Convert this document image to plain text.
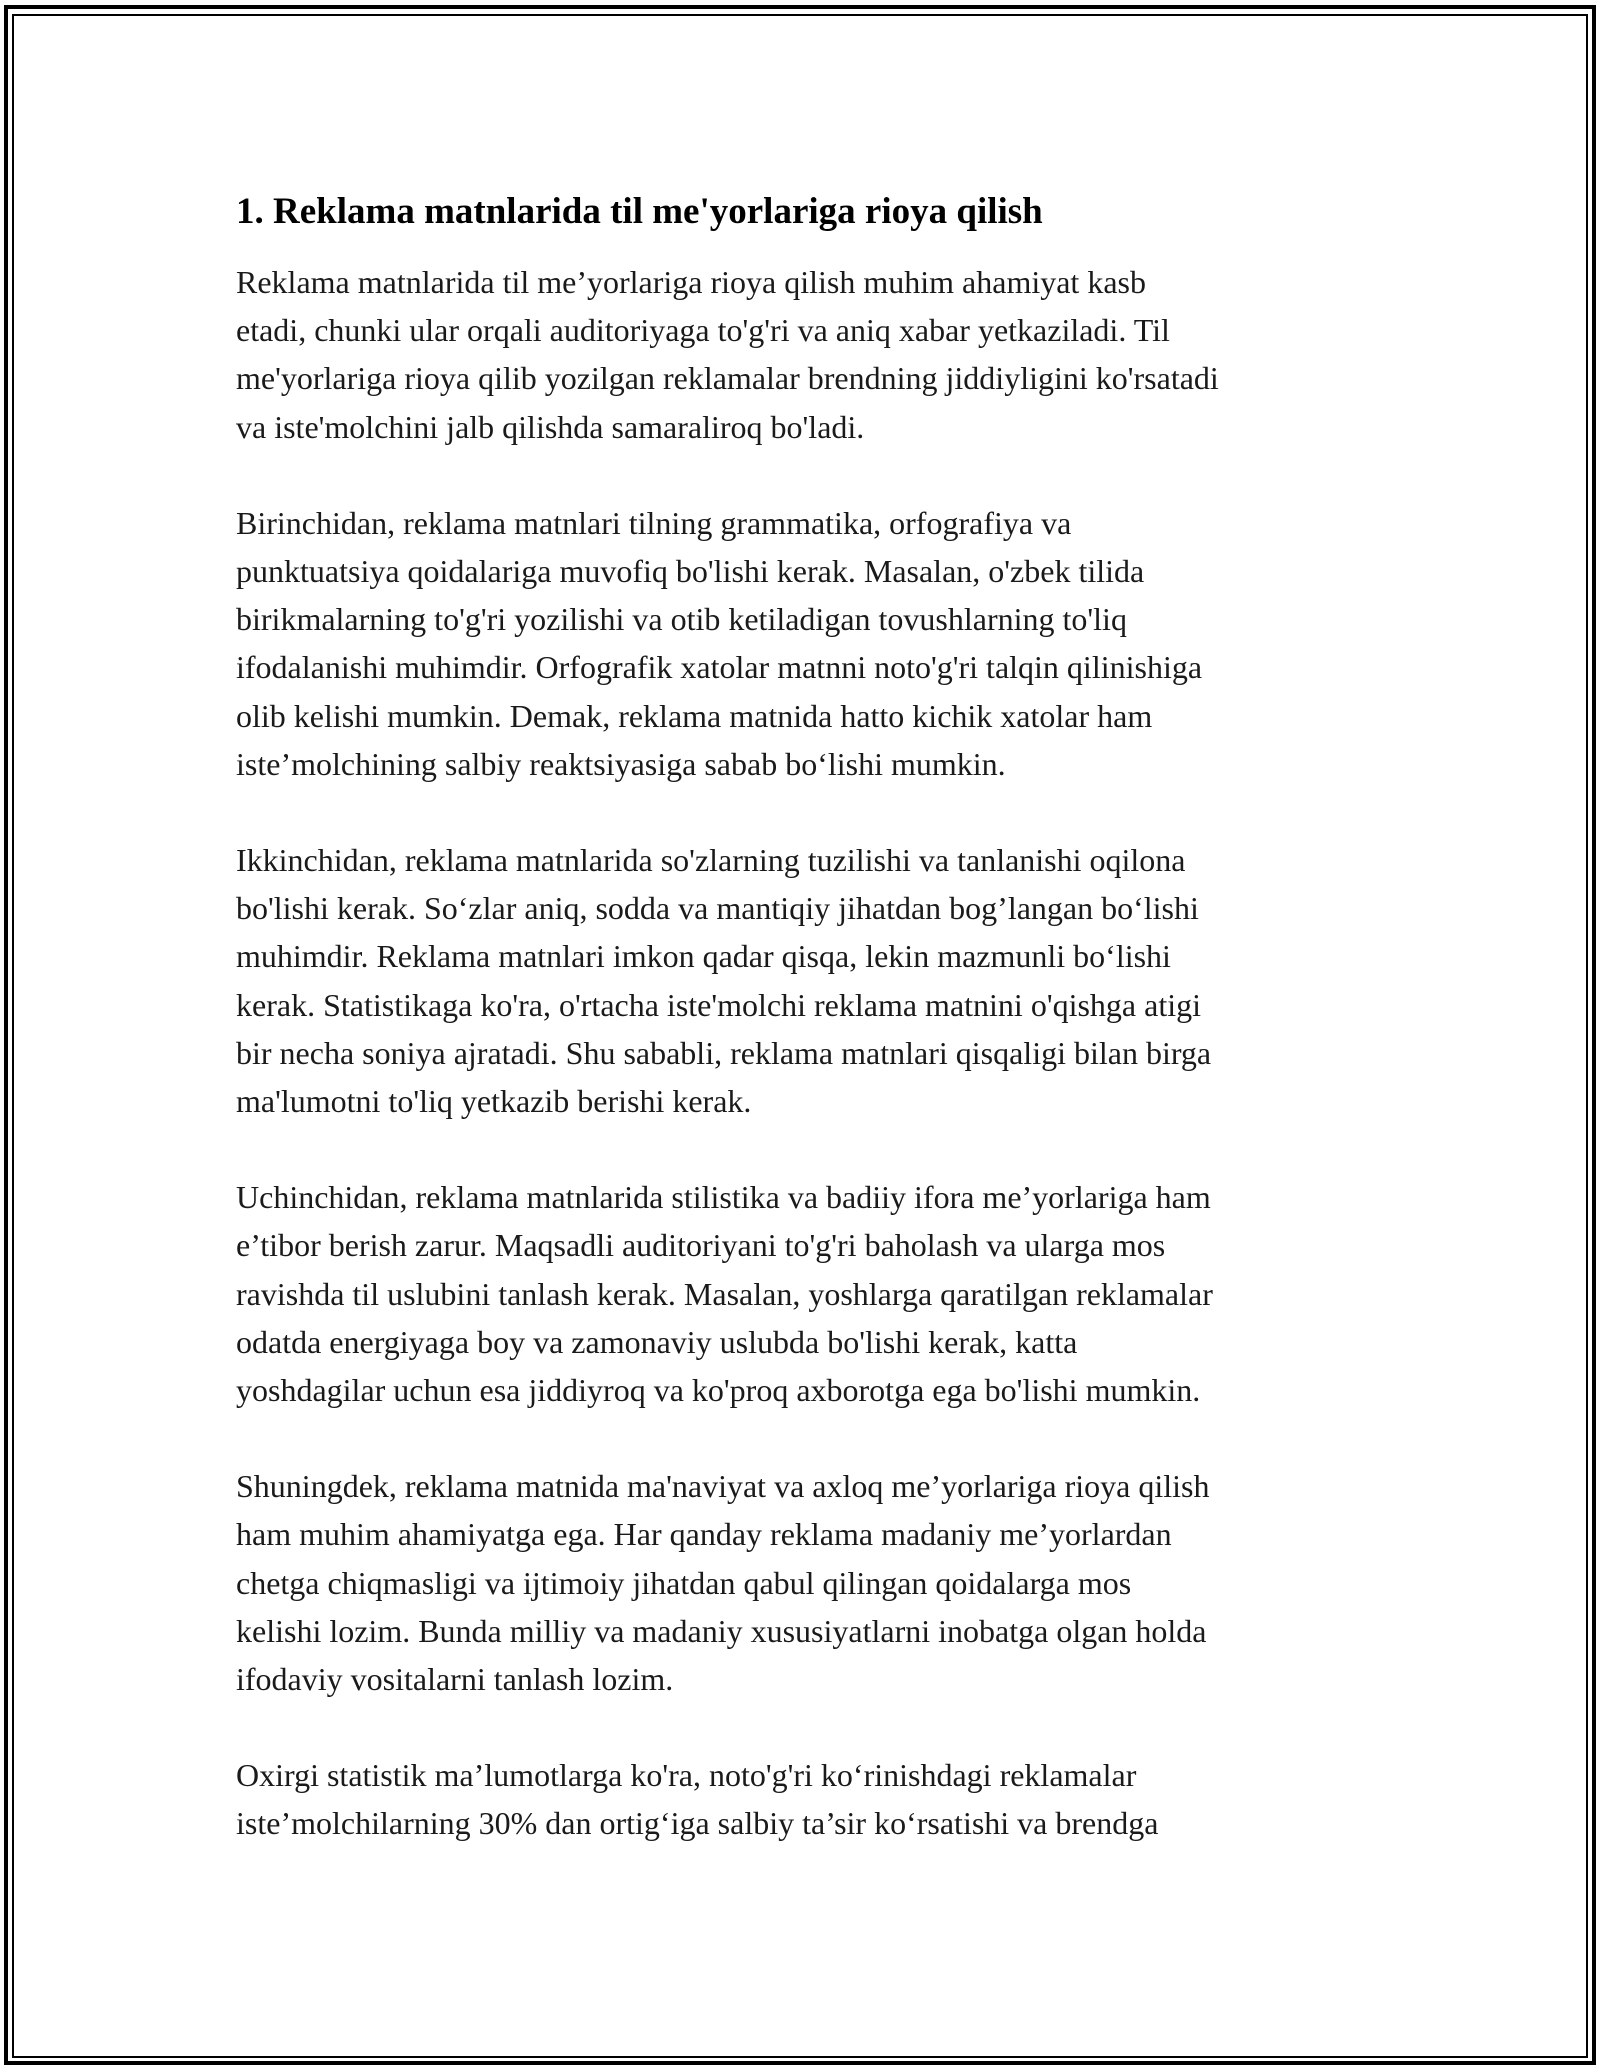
1. Reklama matnlarida til me'yorlariga rioya qilish

Reklama matnlarida til me’yorlariga rioya qilish muhim ahamiyat kasb
etadi, chunki ular orqali auditoriyaga to'g'ri va aniq xabar yetkaziladi. Til
me'yorlariga rioya qilib yozilgan reklamalar brendning jiddiyligini ko'rsatadi
va iste'molchini jalb qilishda samaraliroq bo'ladi.

Birinchidan, reklama matnlari tilning grammatika, orfografiya va
punktuatsiya qoidalariga muvofiq bo'lishi kerak. Masalan, o'zbek tilida
birikmalarning to'g'ri yozilishi va otib ketiladigan tovushlarning to'liq
ifodalanishi muhimdir. Orfografik xatolar matnni noto'g'ri talqin qilinishiga
olib kelishi mumkin. Demak, reklama matnida hatto kichik xatolar ham
iste’molchining salbiy reaktsiyasiga sabab bo‘lishi mumkin.

Ikkinchidan, reklama matnlarida so'zlarning tuzilishi va tanlanishi oqilona
bo'lishi kerak. So‘zlar aniq, sodda va mantiqiy jihatdan bog’langan bo‘lishi
muhimdir. Reklama matnlari imkon qadar qisqa, lekin mazmunli bo‘lishi
kerak. Statistikaga ko'ra, o'rtacha iste'molchi reklama matnini o'qishga atigi
bir necha soniya ajratadi. Shu sababli, reklama matnlari qisqaligi bilan birga
ma'lumotni to'liq yetkazib berishi kerak.

Uchinchidan, reklama matnlarida stilistika va badiiy ifora me’yorlariga ham
e’tibor berish zarur. Maqsadli auditoriyani to'g'ri baholash va ularga mos
ravishda til uslubini tanlash kerak. Masalan, yoshlarga qaratilgan reklamalar
odatda energiyaga boy va zamonaviy uslubda bo'lishi kerak, katta
yoshdagilar uchun esa jiddiyroq va ko'proq axborotga ega bo'lishi mumkin.

Shuningdek, reklama matnida ma'naviyat va axloq me’yorlariga rioya qilish
ham muhim ahamiyatga ega. Har qanday reklama madaniy me’yorlardan
chetga chiqmasligi va ijtimoiy jihatdan qabul qilingan qoidalarga mos
kelishi lozim. Bunda milliy va madaniy xususiyatlarni inobatga olgan holda
ifodaviy vositalarni tanlash lozim.

Oxirgi statistik ma’lumotlarga ko'ra, noto'g'ri ko‘rinishdagi reklamalar
iste’molchilarning 30% dan ortig‘iga salbiy ta’sir ko‘rsatishi va brendga
